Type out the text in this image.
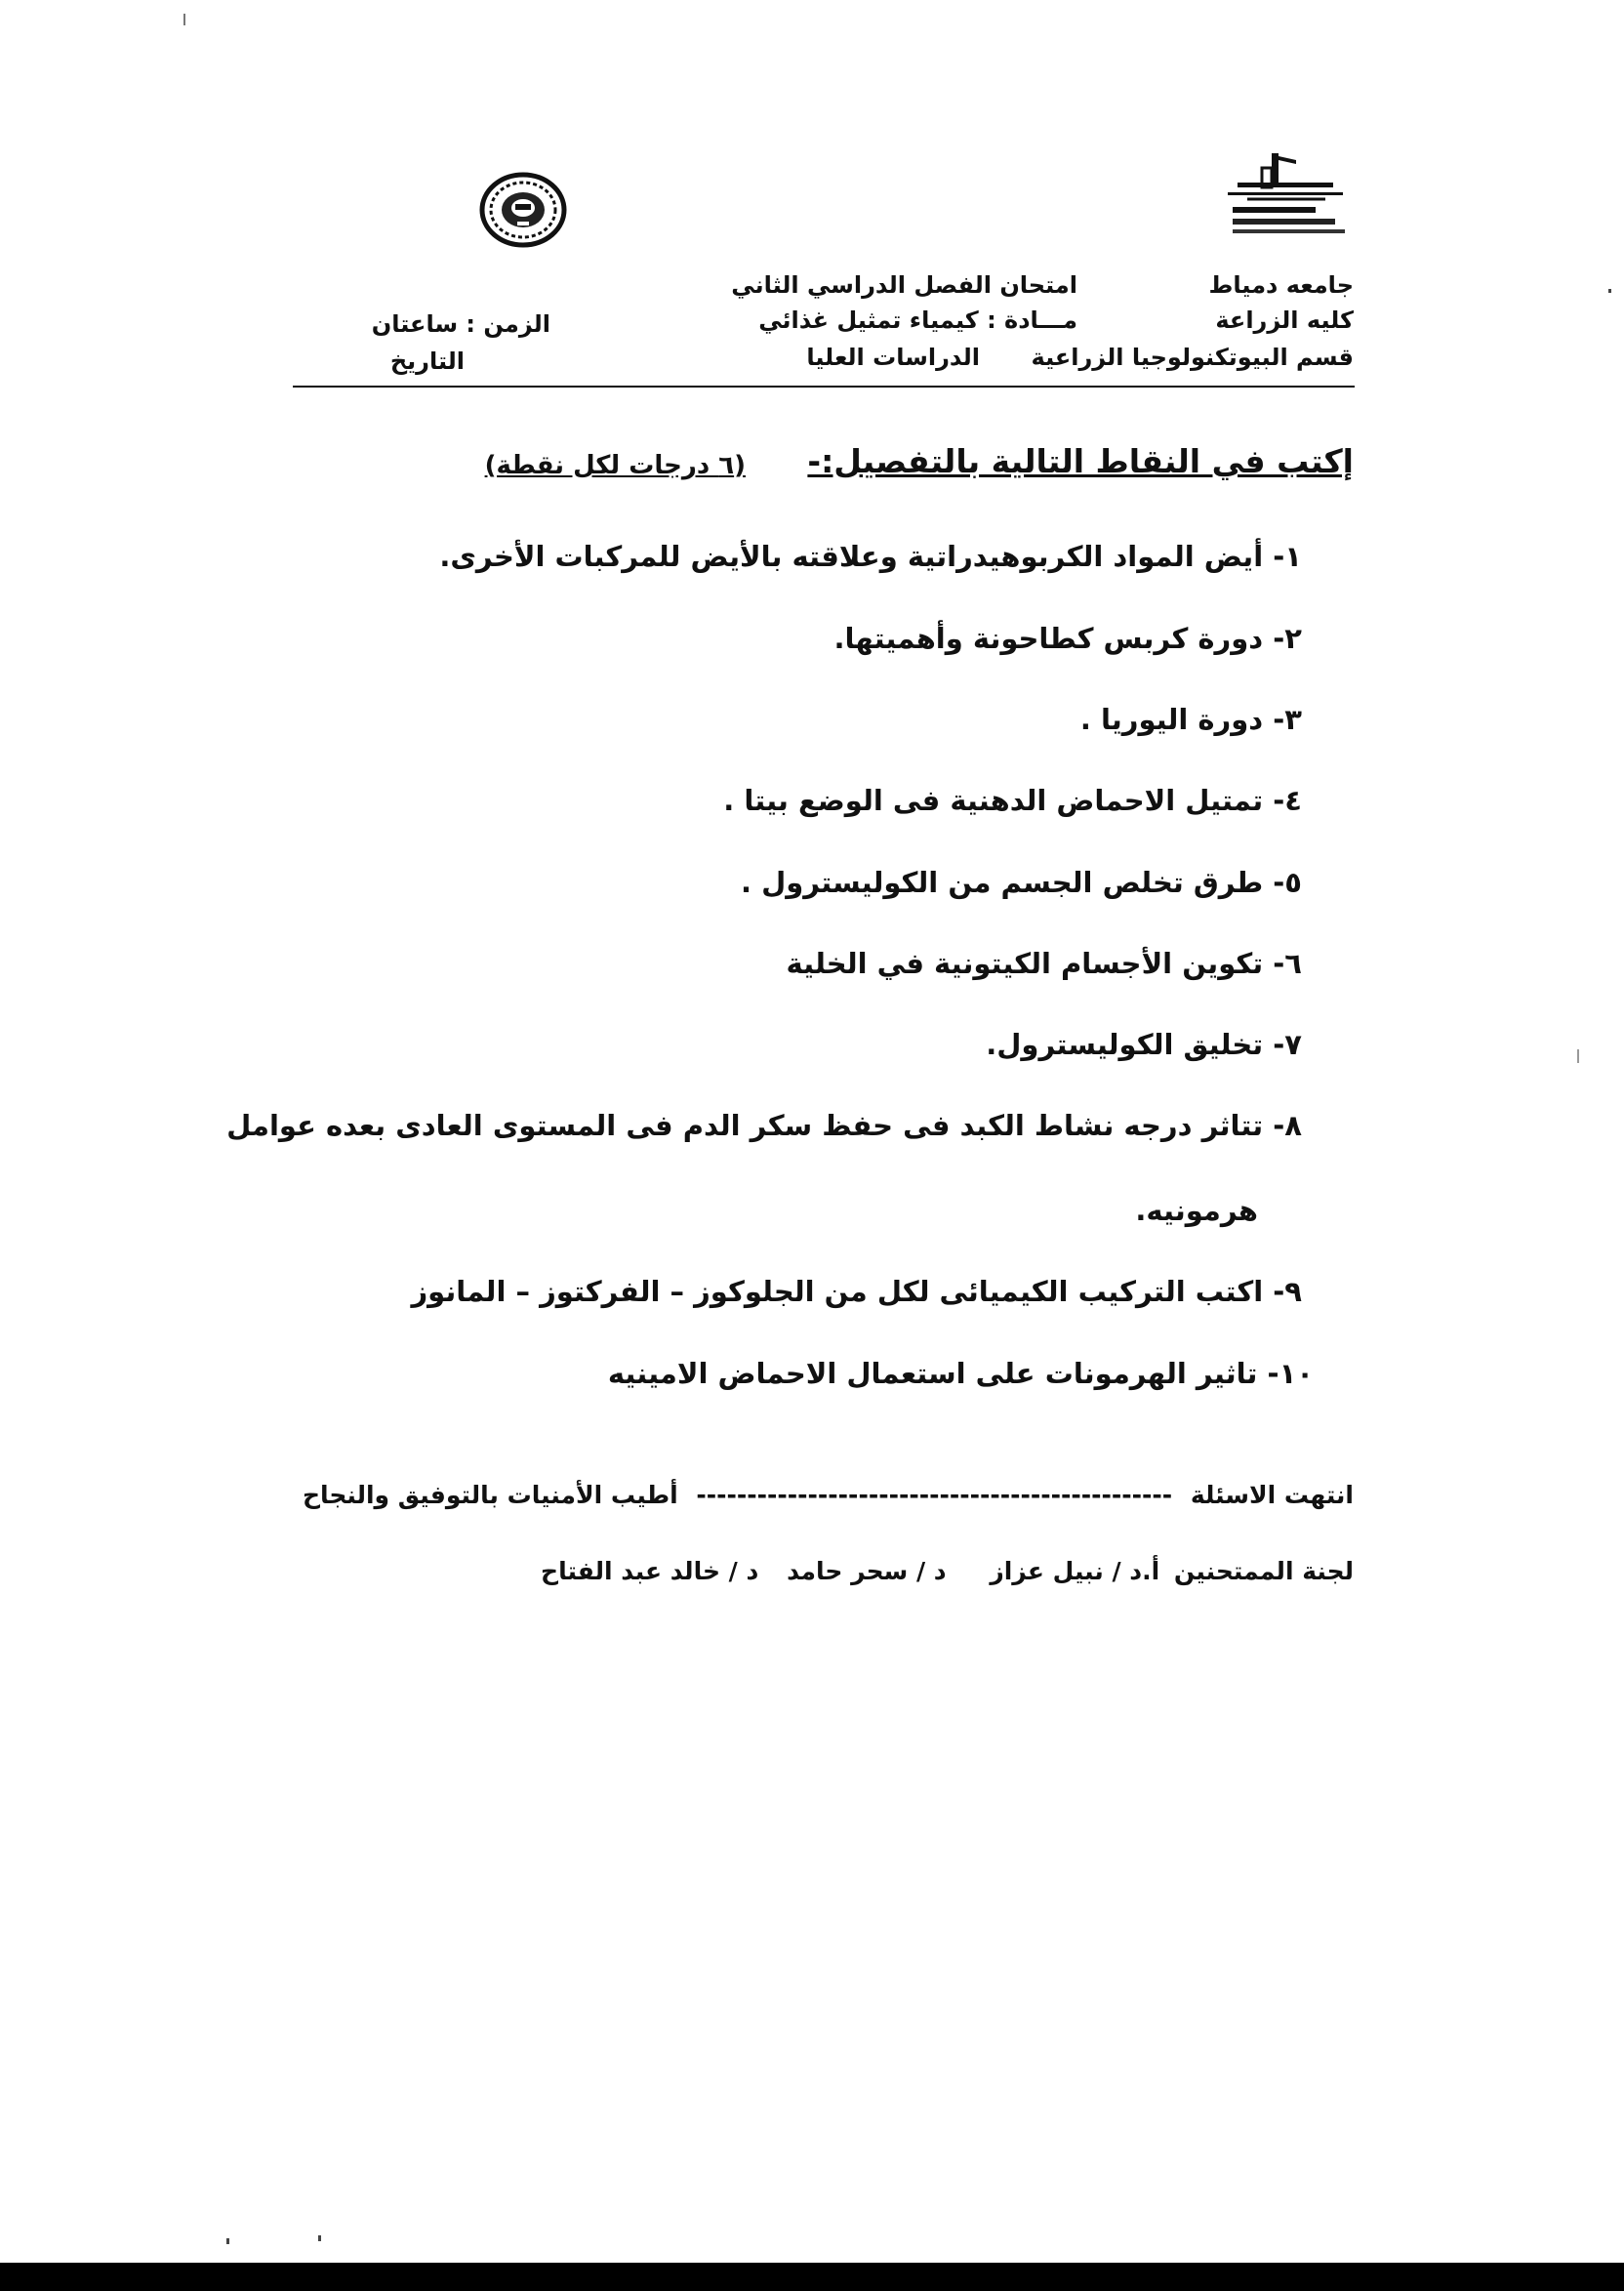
جامعه دمياط
كليه الزراعة
قسم البيوتكنولوجيا الزراعية
امتحان الفصل الدراسي الثاني
مـــادة : كيمياء تمثيل غذائي
الدراسات العليا
الزمن : ساعتان
التاريخ
إكتب في النقاط التالية بالتفصيل:-
(٦ درجات لكل نقطة)
١- أيض المواد الكربوهيدراتية وعلاقته بالأيض للمركبات الأخرى.
٢- دورة كربس كطاحونة وأهميتها.
٣- دورة اليوريا .
٤- تمتيل الاحماض الدهنية فى الوضع بيتا .
٥- طرق تخلص الجسم من الكوليسترول .
٦- تكوين الأجسام الكيتونية في الخلية
٧- تخليق الكوليسترول.
٨- تتاثر درجه نشاط الكبد فى حفظ سكر الدم فى المستوى العادى بعده عوامل
هرمونيه.
٩- اكتب التركيب الكيميائى لكل من الجلوكوز – الفركتوز – المانوز
١٠- تاثير الهرمونات على استعمال الاحماض الامينيه
انتهت الاسئلة ----------------------------------------------- أطيب الأمنيات بالتوفيق والنجاح
لجنة الممتحنين أ.د / نبيل عزاز د / سحر حامد د / خالد عبد الفتاح
